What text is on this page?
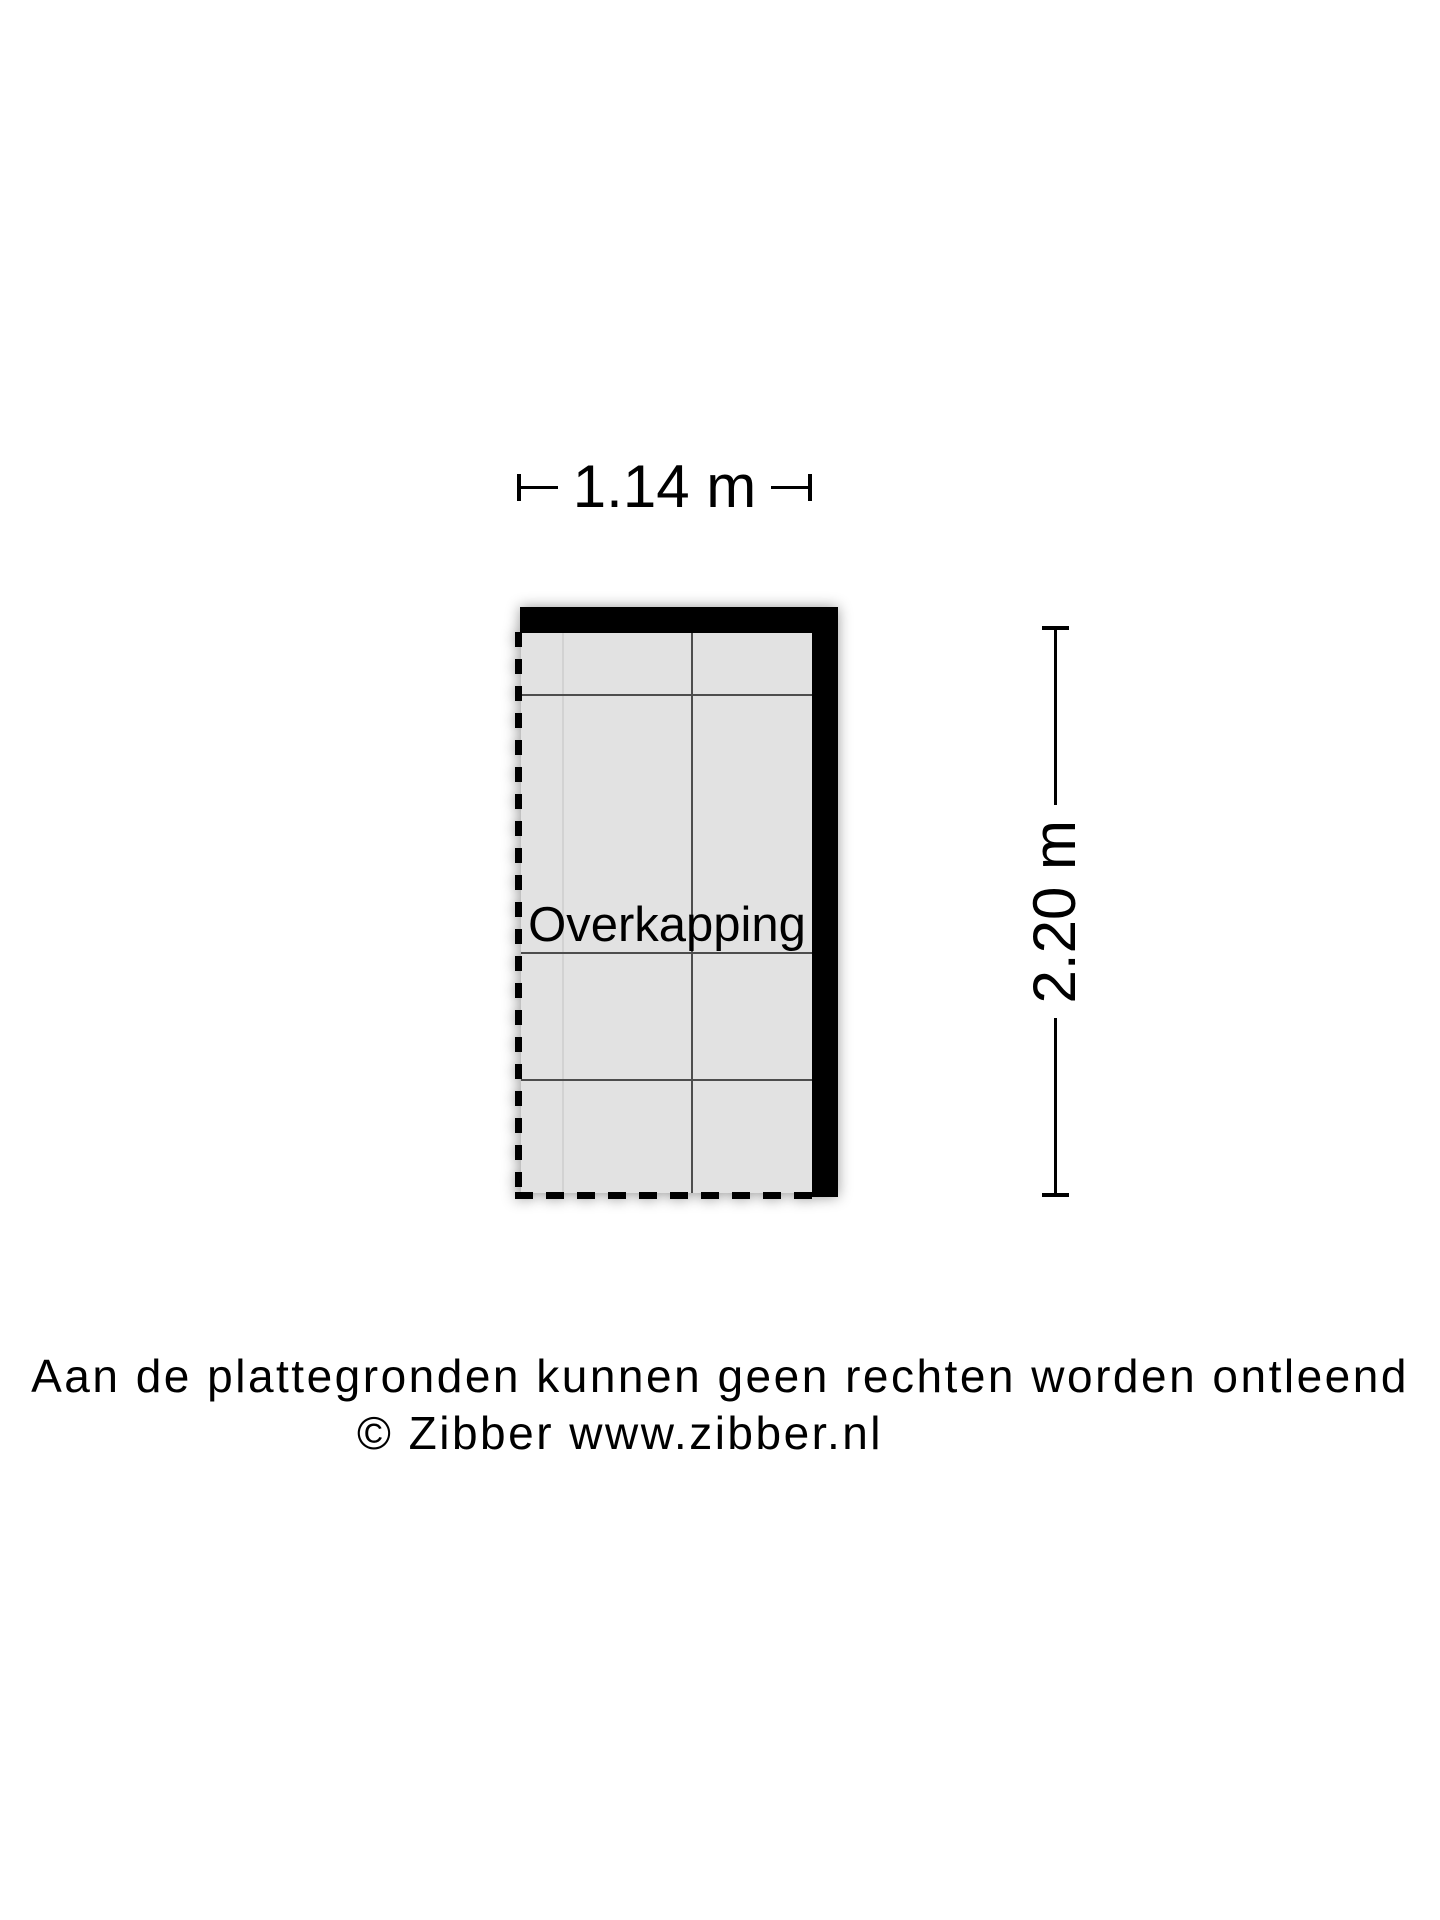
1.14 m
Overkapping	2.20 m
Aan de plattegronden kunnen geen rechten worden ontleend
© Zibber www.zibber.nl
